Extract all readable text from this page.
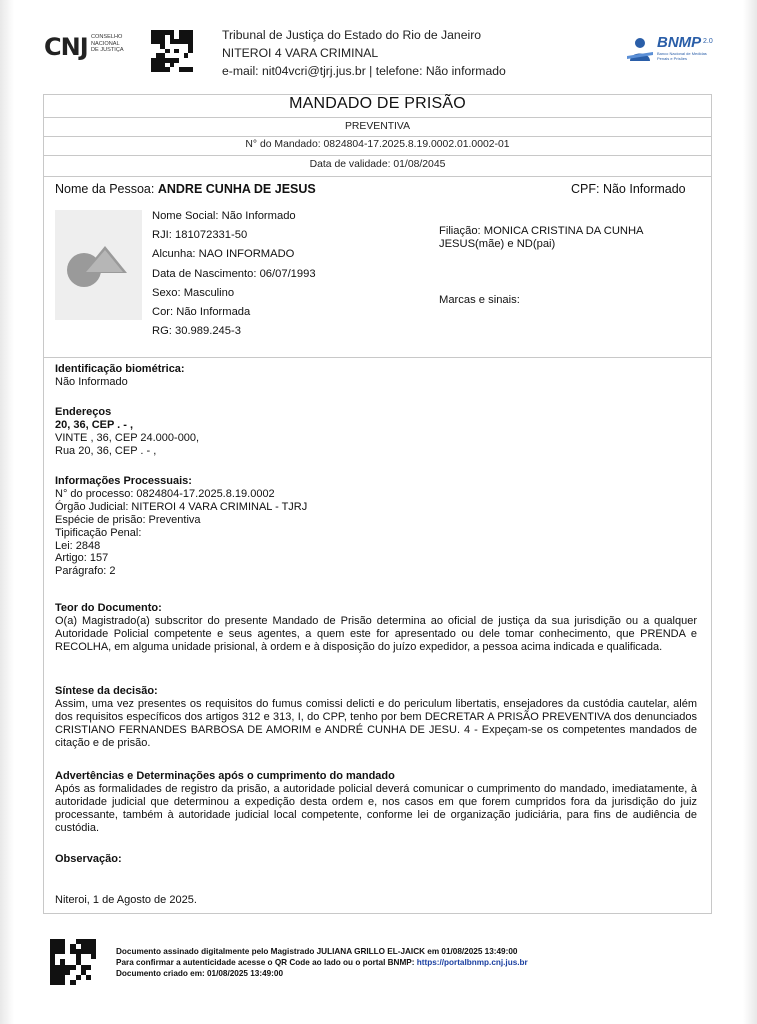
CNJ CONSELHO
NACIONAL
DE JUSTIÇA
Tribunal de Justiça do Estado do Rio de Janeiro
NITEROI 4 VARA CRIMINAL
e-mail: nit04vcri@tjrj.jus.br | telefone: Não informado
BNMP 2.0
Banco Nacional de Medidas Penais e Prisões
MANDADO DE PRISÃO
PREVENTIVA
N° do Mandado: 0824804-17.2025.8.19.0002.01.0002-01
Data de validade: 01/08/2045
Nome da Pessoa: ANDRE CUNHA DE JESUS	CPF: Não Informado
Nome Social: Não Informado
RJI: 181072331-50
Alcunha: NAO INFORMADO
Data de Nascimento: 06/07/1993
Sexo: Masculino
Cor: Não Informada
RG: 30.989.245-3
Filiação: MONICA CRISTINA DA CUNHA JESUS(mãe) e ND(pai)
Marcas e sinais:
Identificação biométrica:
Não Informado
Endereços
20, 36, CEP . - ,
VINTE , 36, CEP 24.000-000,
Rua 20, 36, CEP . - ,
Informações Processuais:
N° do processo: 0824804-17.2025.8.19.0002
Órgão Judicial: NITEROI 4 VARA CRIMINAL - TJRJ
Espécie de prisão: Preventiva
Tipificação Penal:
Lei: 2848
Artigo: 157
Parágrafo: 2
Teor do Documento:
O(a) Magistrado(a) subscritor do presente Mandado de Prisão determina ao oficial de justiça da sua jurisdição ou a qualquer Autoridade Policial competente e seus agentes, a quem este for apresentado ou dele tomar conhecimento, que PRENDA e RECOLHA, em alguma unidade prisional, à ordem e à disposição do juízo expedidor, a pessoa acima indicada e qualificada.
Síntese da decisão:
Assim, uma vez presentes os requisitos do fumus comissi delicti e do periculum libertatis, ensejadores da custódia cautelar, além dos requisitos específicos dos artigos 312 e 313, I, do CPP, tenho por bem DECRETAR A PRISÃO PREVENTIVA dos denunciados CRISTIANO FERNANDES BARBOSA DE AMORIM e ANDRÉ CUNHA DE JESU. 4 - Expeçam-se os competentes mandados de citação e de prisão.
Advertências e Determinações após o cumprimento do mandado
Após as formalidades de registro da prisão, a autoridade policial deverá comunicar o cumprimento do mandado, imediatamente, à autoridade judicial que determinou a expedição desta ordem e, nos casos em que forem cumpridos fora da jurisdição do juiz processante, também à autoridade judicial local competente, conforme lei de organização judiciária, para fins de audiência de custódia.
Observação:
Niteroi, 1 de Agosto de 2025.
Documento assinado digitalmente pelo Magistrado JULIANA GRILLO EL-JAICK em 01/08/2025 13:49:00
Para confirmar a autenticidade acesse o QR Code ao lado ou o portal BNMP: https://portalbnmp.cnj.jus.br
Documento criado em: 01/08/2025 13:49:00
